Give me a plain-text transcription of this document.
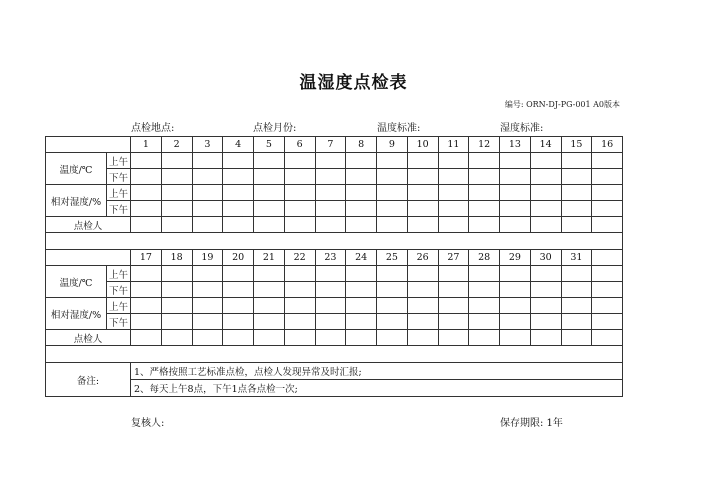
温湿度点检表
编号: ORN-DJ-PG-001 A0版本
点检地点:	点检月份:	温度标准:	湿度标准:
		1	2	3	4	5	6	7	8	9	10	11	12	13	14	15	16
温度/℃	上午																
	下午																
相对湿度/%	上午																
	下午																
点检人																	

		17	18	19	20	21	22	23	24	25	26	27	28	29	30	31	
温度/℃	上午																
	下午																
相对湿度/%	上午																
	下午																
点检人																	

备注:		1、严格按照工艺标准点检，点检人发现异常及时汇报;															
		2、每天上午8点，下午1点各点检一次;															
复核人:	保存期限: 1年
